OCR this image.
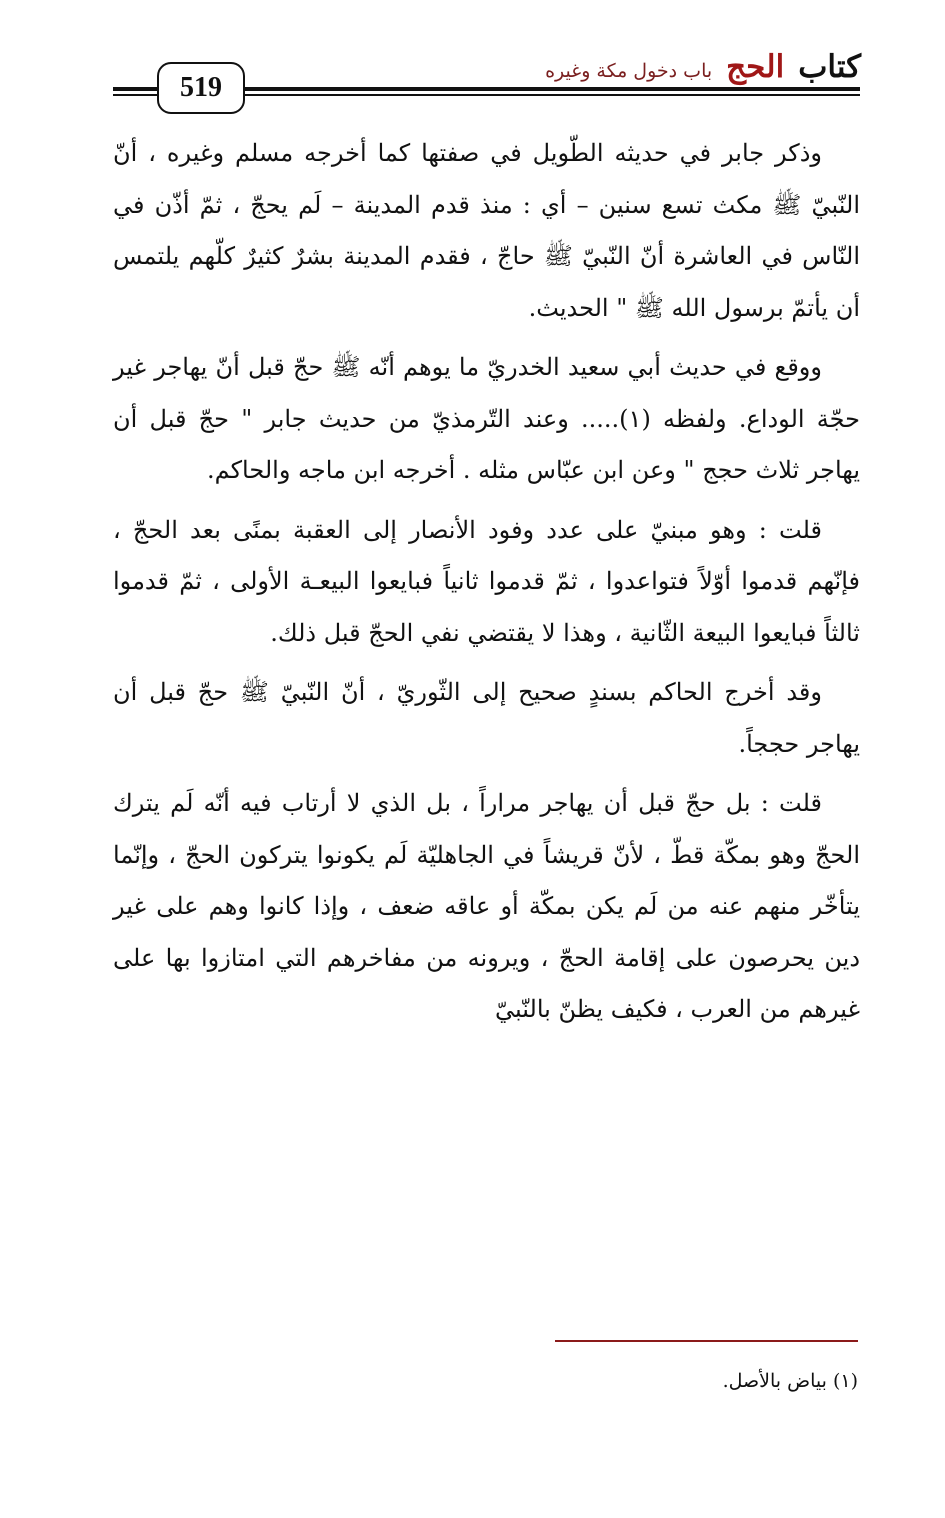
كتاب
الحج
باب دخول مكة وغيره
519

وذكر جابر في حديثه الطّويل في صفتها كما أخرجه مسلم وغيره ، أنّ النّبيّ ﷺ مكث تسع سنين – أي : منذ قدم المدينة – لَم يحجّ ، ثمّ أذّن في النّاس في العاشرة أنّ النّبيّ ﷺ حاجّ ، فقدم المدينة بشرٌ كثيرٌ كلّهم يلتمس أن يأتمّ برسول الله ﷺ " الحديث.

ووقع في حديث أبي سعيد الخدريّ ما يوهم أنّه ﷺ حجّ قبل أنّ يهاجر غير حجّة الوداع. ولفظه (١)..... وعند التّرمذيّ من حديث جابر " حجّ قبل أن يهاجر ثلاث حجج " وعن ابن عبّاس مثله . أخرجه ابن ماجه والحاكم.

قلت : وهو مبنيّ على عدد وفود الأنصار إلى العقبة بمنًى بعد الحجّ ، فإنّهم قدموا أوّلاً فتواعدوا ، ثمّ قدموا ثانياً فبايعوا البيعـة الأولى ، ثمّ قدموا ثالثاً فبايعوا البيعة الثّانية ، وهذا لا يقتضي نفي الحجّ قبل ذلك.

وقد أخرج الحاكم بسندٍ صحيح إلى الثّوريّ ، أنّ النّبيّ ﷺ حجّ قبل أن يهاجر حججاً.

قلت : بل حجّ قبل أن يهاجر مراراً ، بل الذي لا أرتاب فيه أنّه لَم يترك الحجّ وهو بمكّة قطّ ، لأنّ قريشاً في الجاهليّة لَم يكونوا يتركون الحجّ ، وإنّما يتأخّر منهم عنه من لَم يكن بمكّة أو عاقه ضعف ، وإذا كانوا وهم على غير دين يحرصون على إقامة الحجّ ، ويرونه من مفاخرهم التي امتازوا بها على غيرهم من العرب ، فكيف يظنّ بالنّبيّ

(١) بياض بالأصل.
